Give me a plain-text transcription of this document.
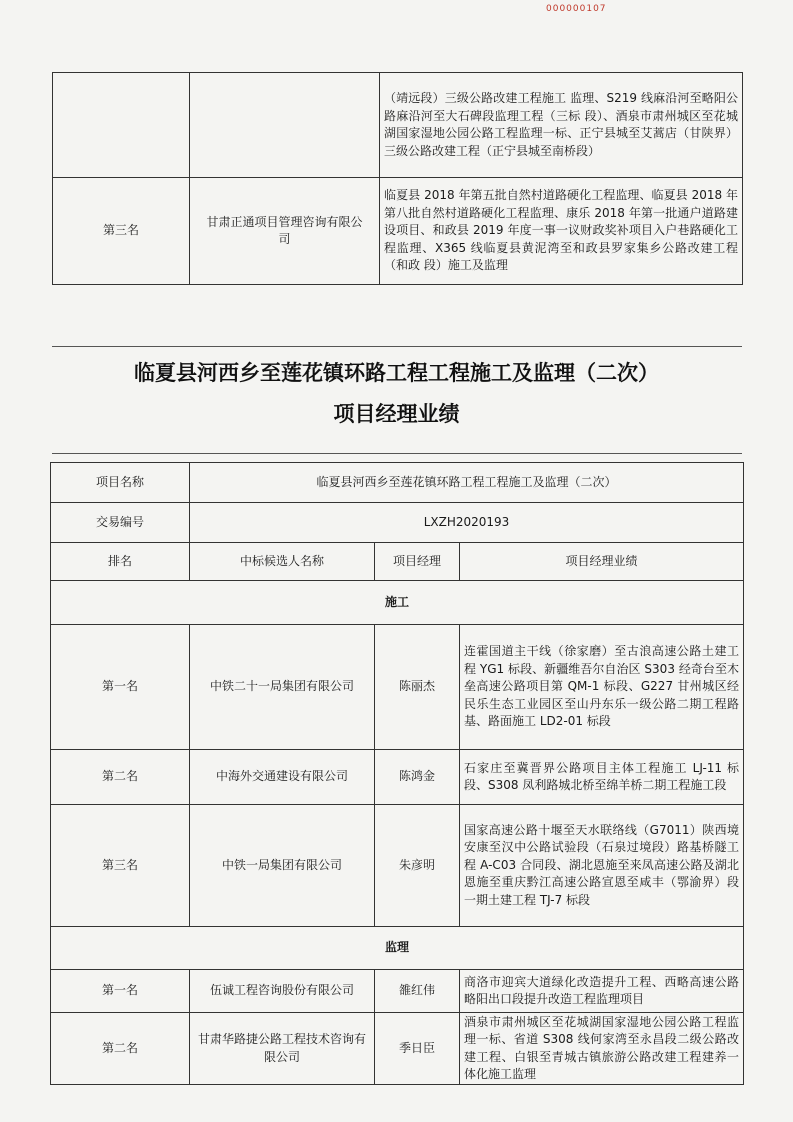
000000107
		（靖远段）三级公路改建工程施工 监理、S219 线麻沿河至略阳公路麻沿河至大石碑段监理工程（三标 段）、酒泉市肃州城区至花城湖国家湿地公园公路工程监理一标、正宁县城至艾蒿店（甘陕界）三级公路改建工程（正宁县城至南桥段）
第三名	甘肃正通项目管理咨询有限公司	临夏县 2018 年第五批自然村道路硬化工程监理、临夏县 2018 年第八批自然村道路硬化工程监理、康乐 2018 年第一批通户道路建设项目、和政县 2019 年度一事一议财政奖补项目入户巷路硬化工 程监理、X365 线临夏县黄泥湾至和政县罗家集乡公路改建工程（和政 段）施工及监理
临夏县河西乡至莲花镇环路工程工程施工及监理（二次）
项目经理业绩
项目名称	临夏县河西乡至莲花镇环路工程工程施工及监理（二次）		
交易编号	LXZH2020193		
排名	中标候选人名称	项目经理	项目经理业绩
施工			
第一名	中铁二十一局集团有限公司	陈丽杰	连霍国道主干线（徐家磨）至古浪高速公路土建工程 YG1 标段、新疆维吾尔自治区 S303 经奇台至木垒高速公路项目第 QM-1 标段、G227 甘州城区经民乐生态工业园区至山丹东乐一级公路二期工程路基、路面施工 LD2-01 标段
第二名	中海外交通建设有限公司	陈鸿金	石家庄至冀晋界公路项目主体工程施工 LJ-11 标段、S308 凤利路城北桥至绵羊桥二期工程施工段
第三名	中铁一局集团有限公司	朱彦明	国家高速公路十堰至天水联络线（G7011）陕西境安康至汉中公路试验段（石泉过境段）路基桥隧工程 A-C03 合同段、湖北恩施至来凤高速公路及湖北恩施至重庆黔江高速公路宣恩至咸丰（鄂渝界）段一期土建工程 TJ-7 标段
监理			
第一名	伍诚工程咨询股份有限公司	雒红伟	商洛市迎宾大道绿化改造提升工程、西略高速公路略阳出口段提升改造工程监理项目
第二名	甘肃华路捷公路工程技术咨询有限公司	季日臣	酒泉市肃州城区至花城湖国家湿地公园公路工程监理一标、省道 S308 线何家湾至永昌段二级公路改建工程、白银至青城古镇旅游公路改建工程建养一体化施工监理
